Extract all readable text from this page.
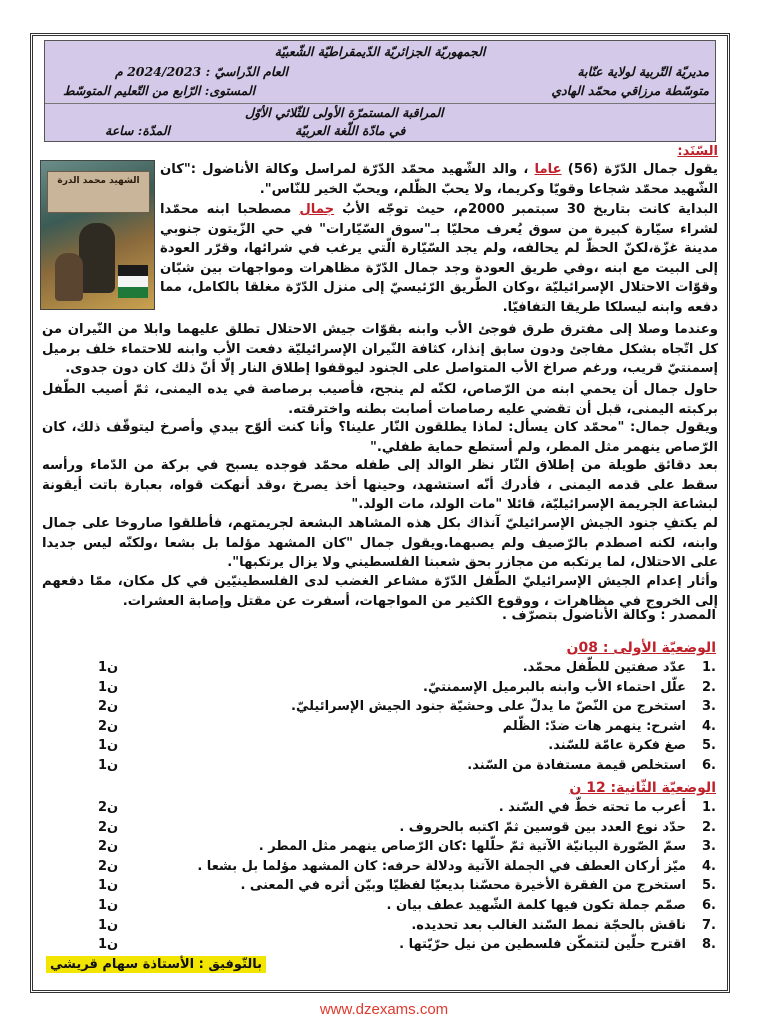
الجمهوريّة الجزائريّة الدّيمقراطيّة الشّعبيّة
مديريّة التّربية لولاية عنّابة
العام الدّراسيّ : 2024/2023 م
متوسّطة مرزاقي محمّد الهادي
المستوى: الرّابع من التّعليم المتوسّط
المراقبة المستمرّة الأولى للثّلاثي الأوّل
في مادّة اللّغة العربيّة
المدّة: ساعة
الشهيد محمد الدرة
السّنَد:

يقول جمال الدّرّة (56) عاما ، والد الشّهيد محمّد الدّرّة لمراسل وكالة الأناضول :"كان الشّهيد محمّد شجاعا وقويّا وكريما، ولا يحبّ الظّلم، ويحبّ الخير للنّاس".

البداية كانت بتاريخ 30 سبتمبر 2000م، حيث توجّه الأبُ جمال مصطحبا ابنه محمّدا لشراء سيّارة كبيرة من سوق يُعرف محليّا بـ"سوق السّيّارات" في حي الزّيتون جنوبي مدينة غزّة،لكنّ الحظّ لم يحالفه، ولم يجد السّيّارة الّتي يرغب في شرائها، وقرّر العودة إلى البيت مع ابنه ،وفي طريق العودة وجد جمال الدّرّة مظاهرات ومواجهات بين شبّان وقوّات الاحتلال الإسرائيليّة ،وكان الطّريق الرّئيسيّ إلى منزل الدّرّة مغلقا بالكامل، مما دفعه وابنه ليسلكا طريقا التفافيّا.

وعندما وصلا إلى مفترق طرق فوجئ الأب وابنه بقوّات جيش الاحتلال تطلق عليهما وابلا من النّيران من كل اتّجاه بشكل مفاجئ ودون سابق إنذار، كثافة النّيران الإسرائيليّة دفعت الأب وابنه للاحتماء خلف برميل إسمنتيّ قريب، ورغم صراخ الأب المتواصل على الجنود ليوقفوا إطلاق النار إلّا أنّ ذلك كان دون جدوى.

حاول جمال أن يحمي ابنه من الرّصاص، لكنّه لم ينجح، فأصيب برصاصة في يده اليمنى، ثمّ أصيب الطّفل بركبته اليمنى، قبل أن تقضي عليه رصاصات أصابت بطنه واخترقته.

ويقول جمال: "محمّد كان يسأل: لماذا يطلقون النّار علينا؟ وأنا كنت ألوّح بيدي وأصرخ ليتوقّف ذلك، كان الرّصاص ينهمر مثل المطر، ولم أستطع حماية طفلي."

بعد دقائق طويلة من إطلاق النّار نظر الوالد إلى طفله محمّد فوجده يسبح في بركة من الدّماء ورأسه سقط على قدمه اليمنى ، فأدرك أنّه استشهد، وحينها أخذ يصرخ ،وقد أنهكت قواه، بعبارة باتت أيقونة لبشاعة الجريمة الإسرائيليّة، قائلا "مات الولد، مات الولد."

لم يكتفِ جنود الجيش الإسرائيليّ آنذاك بكل هذه المشاهد البشعة لجريمتهم، فأطلقوا صاروخا على جمال وابنه، لكنه اصطدم بالرّصيف ولم يصبهما.ويقول جمال "كان المشهد مؤلما بل بشعا ،ولكنّه ليس جديدا على الاحتلال، لما يرتكبه من مجازر بحق شعبنا الفلسطيني ولا يزال يرتكبها".

وأثار إعدام الجيش الإسرائيليّ الطّفل الدّرّة مشاعر الغضب لدى الفلسطينيّين في كل مكان، ممّا دفعهم إلى الخروج في مظاهرات ، ووقوع الكثير من المواجهات، أسفرت عن مقتل وإصابة العشرات.

المصدر : وكالة الأناضول بتصرّف .
الوضعيّة الأولى : 08ن
.1
عدّد صفتين للطّفل محمّد.
1ن
.2
علّل احتماء الأب وابنه بالبرميل الإسمنتيّ.
1ن
.3
استخرج من النّصّ ما يدلّ على وحشيّة جنود الجيش الإسرائيليّ.
2ن
.4
اشرح: ينهمر هات ضدّ: الظّلم
2ن
.5
صغ فكرة عامّة للسّند.
1ن
.6
استخلص قيمة مستفادة من السّند.
1ن
الوضعيّة الثّانية: 12 ن
.1
أعرب ما تحته خطّ في السّند .
2ن
.2
حدّد نوع العدد بين قوسين ثمّ اكتبه بالحروف .
2ن
.3
سمّ الصّورة البيانيّة الآتية ثمّ حلّلها :كان الرّصاص ينهمر مثل المطر .
2ن
.4
ميّز أركان العطف في الجملة الآتية ودلالة حرفه: كان المشهد مؤلما بل بشعا .
2ن
.5
استخرج من الفقرة الأخيرة محسّنا بديعيّا لفظيّا وبيّن أثره في المعنى .
1ن
.6
صمّم جملة تكون فيها كلمة الشّهيد عطف بيان .
1ن
.7
ناقش بالحجّة نمط السّند الغالب بعد تحديده.
1ن
.8
اقترح حلّين لتتمكّن فلسطين من نيل حرّيّتها .
1ن
بالتّوفيق : الأستاذة سهام قريشي
www.dzexams.com
